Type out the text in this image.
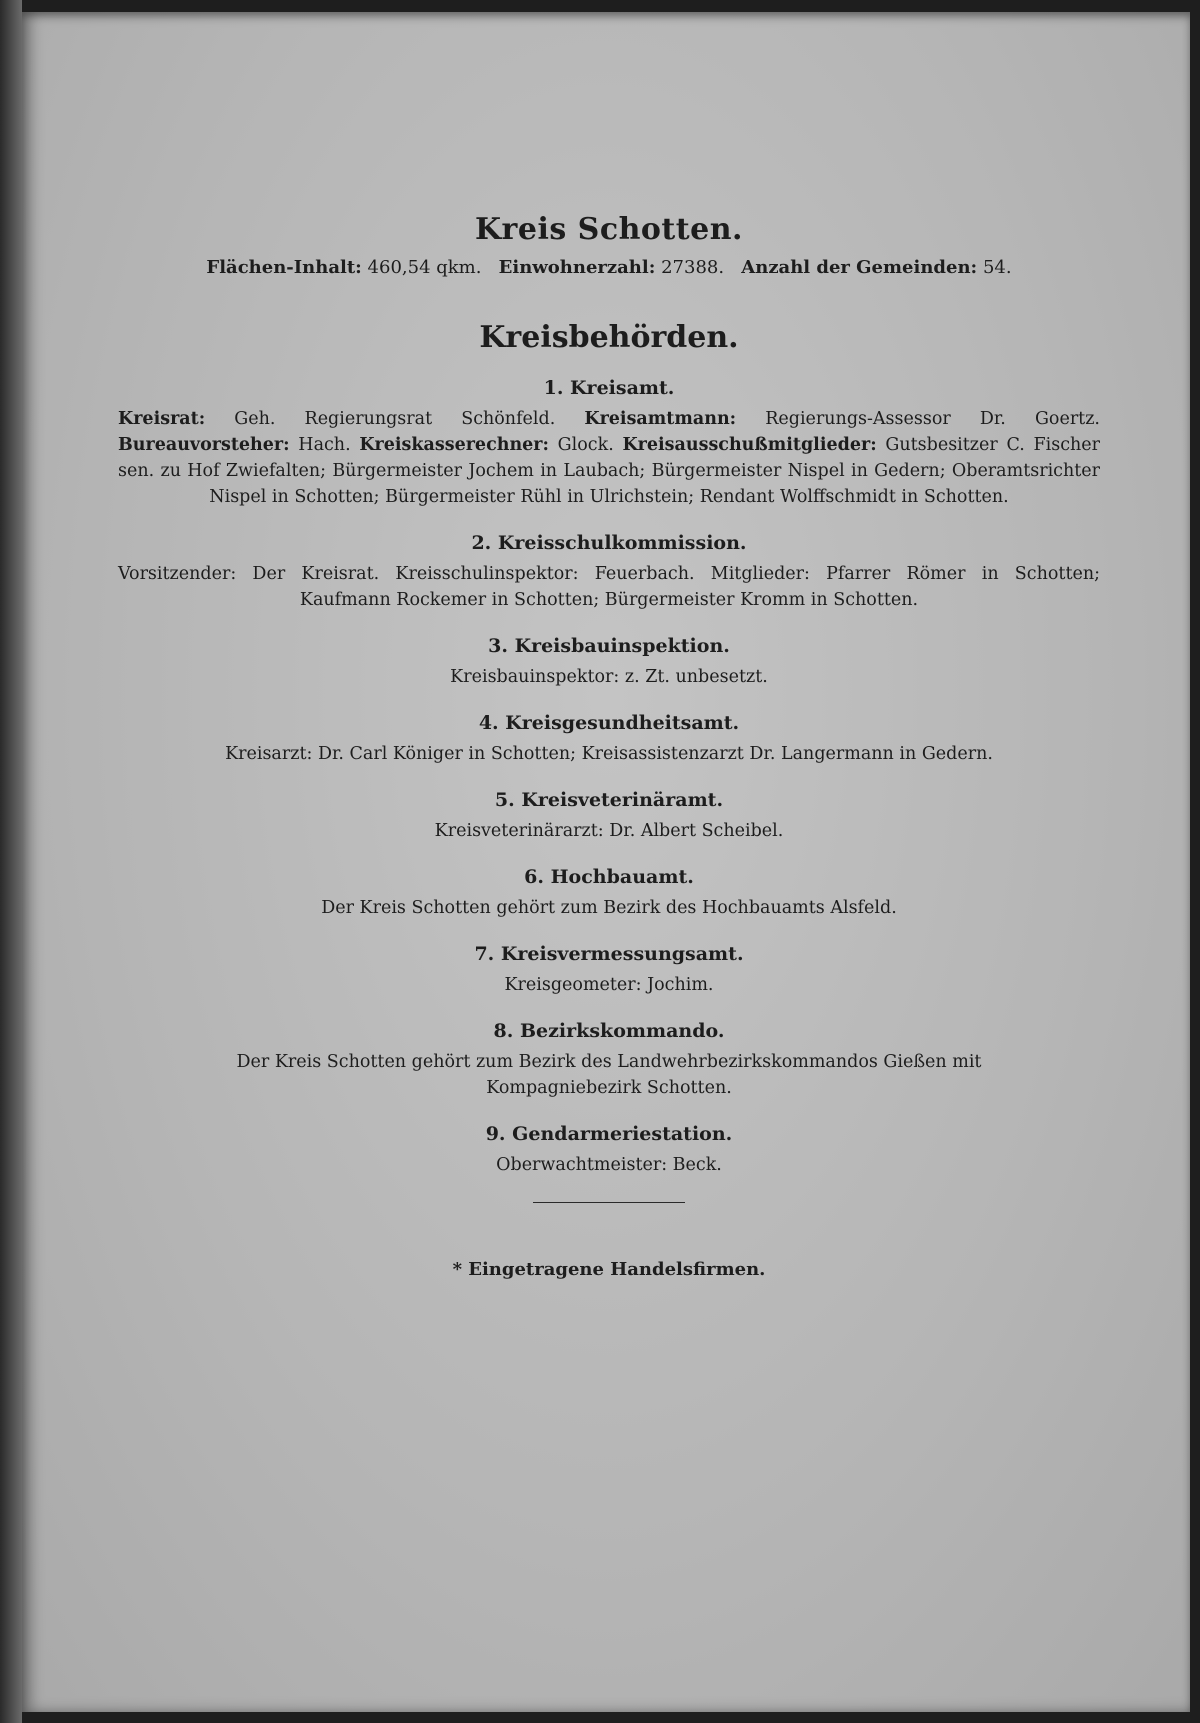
Kreis Schotten.
Flächen-Inhalt: 460,54 qkm. Einwohnerzahl: 27388. Anzahl der Gemeinden: 54.
Kreisbehörden.
1. Kreisamt.
Kreisrat: Geh. Regierungsrat Schönfeld. Kreisamtmann: Regierungs-Assessor Dr. Goertz. Bureauvorsteher: Hach. Kreiskasserechner: Glock. Kreisausschußmitglieder: Gutsbesitzer C. Fischer sen. zu Hof Zwiefalten; Bürgermeister Jochem in Laubach; Bürgermeister Nispel in Gedern; Oberamtsrichter Nispel in Schotten; Bürgermeister Rühl in Ulrichstein; Rendant Wolffschmidt in Schotten.
2. Kreisschulkommission.
Vorsitzender: Der Kreisrat. Kreisschulinspektor: Feuerbach. Mitglieder: Pfarrer Römer in Schotten; Kaufmann Rockemer in Schotten; Bürgermeister Kromm in Schotten.
3. Kreisbauinspektion.
Kreisbauinspektor: z. Zt. unbesetzt.
4. Kreisgesundheitsamt.
Kreisarzt: Dr. Carl Königer in Schotten; Kreisassistenzarzt Dr. Langermann in Gedern.
5. Kreisveterinäramt.
Kreisveterinärarzt: Dr. Albert Scheibel.
6. Hochbauamt.
Der Kreis Schotten gehört zum Bezirk des Hochbauamts Alsfeld.
7. Kreisvermessungsamt.
Kreisgeometer: Jochim.
8. Bezirkskommando.
Der Kreis Schotten gehört zum Bezirk des Landwehrbezirkskommandos Gießen mit Kompagniebezirk Schotten.
9. Gendarmeriestation.
Oberwachtmeister: Beck.
* Eingetragene Handelsfirmen.
